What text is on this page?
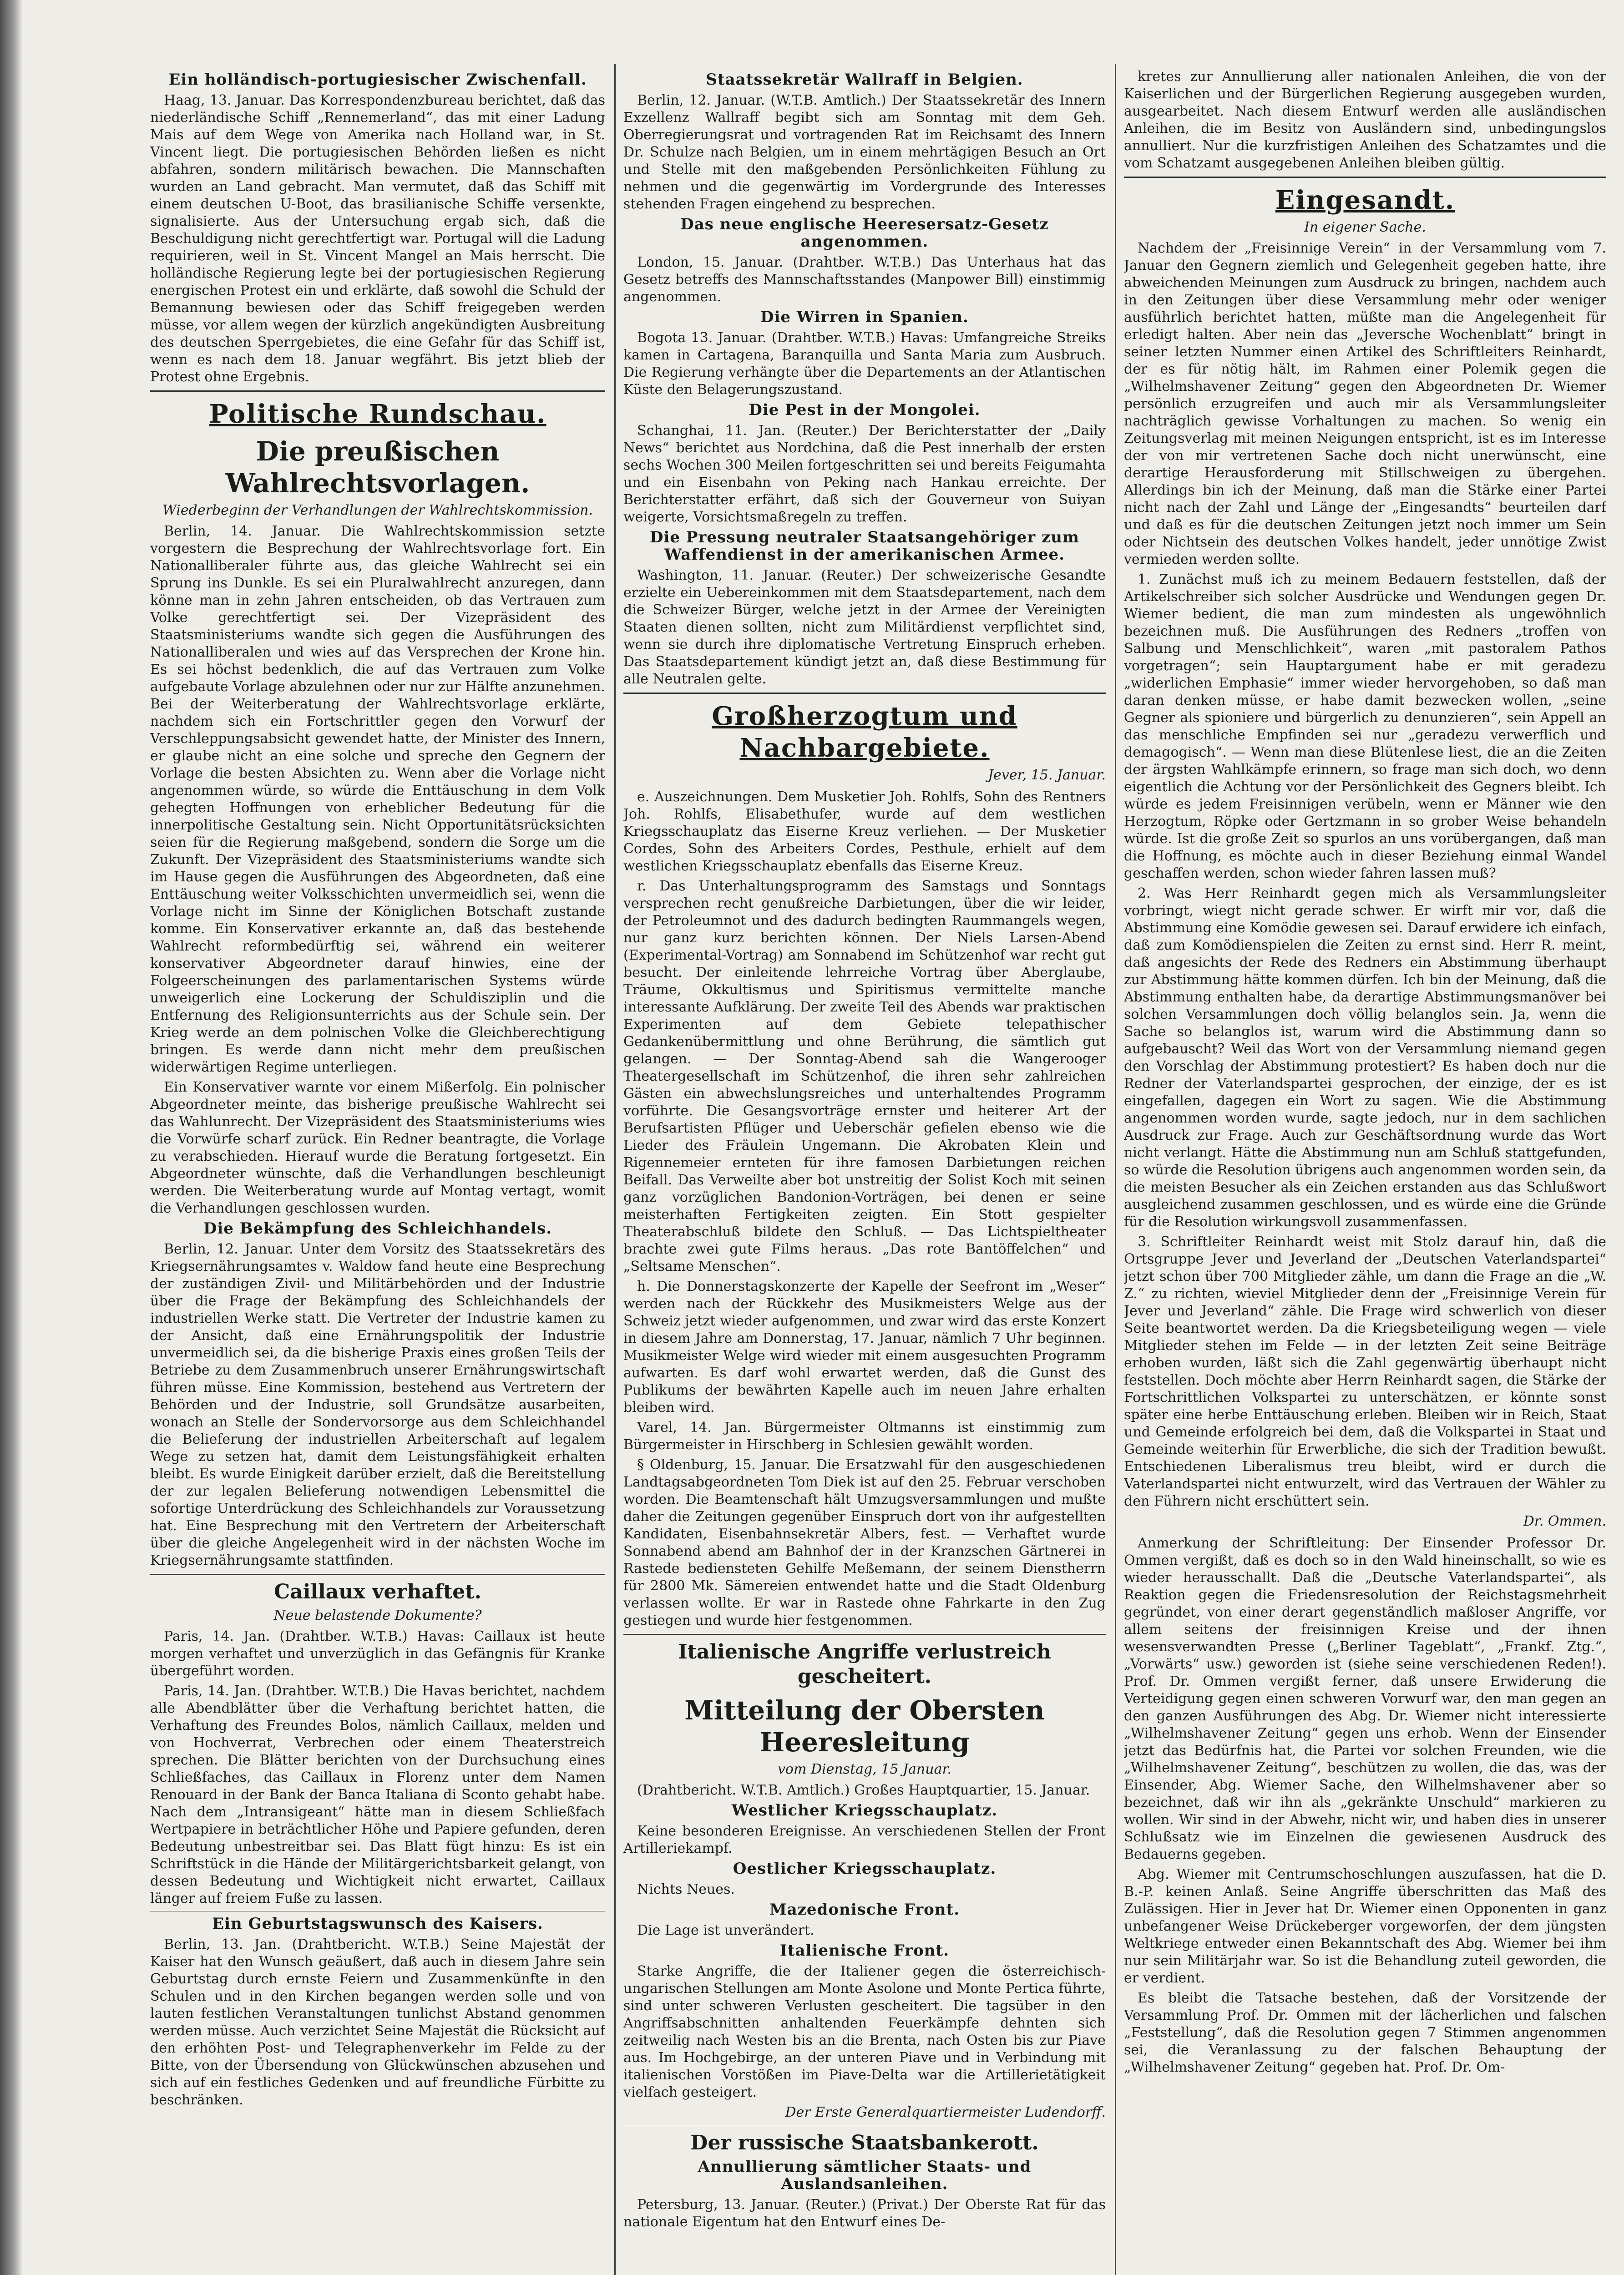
Ein holländisch-portugiesischer Zwischenfall.

Haag, 13. Januar. Das Korrespondenzbureau berichtet, daß das niederländische Schiff „Rennemerland“, das mit einer Ladung Mais auf dem Wege von Amerika nach Holland war, in St. Vincent liegt. Die portugiesischen Behörden ließen es nicht abfahren, sondern militärisch bewachen. Die Mannschaften wurden an Land gebracht. Man vermutet, daß das Schiff mit einem deutschen U-Boot, das brasilianische Schiffe versenkte, signalisierte. Aus der Untersuchung ergab sich, daß die Beschuldigung nicht gerechtfertigt war. Portugal will die Ladung requirieren, weil in St. Vincent Mangel an Mais herrscht. Die holländische Regierung legte bei der portugiesischen Regierung energischen Protest ein und erklärte, daß sowohl die Schuld der Bemannung bewiesen oder das Schiff freigegeben werden müsse, vor allem wegen der kürzlich angekündigten Ausbreitung des deutschen Sperrgebietes, die eine Gefahr für das Schiff ist, wenn es nach dem 18. Januar wegfährt. Bis jetzt blieb der Protest ohne Ergebnis.

Politische Rundschau.
Die preußischen Wahlrechtsvorlagen.
Wiederbeginn der Verhandlungen der Wahlrechtskommission.

Berlin, 14. Januar. Die Wahlrechtskommission setzte vorgestern die Besprechung der Wahlrechtsvorlage fort. Ein Nationalliberaler führte aus, das gleiche Wahlrecht sei ein Sprung ins Dunkle. Es sei ein Pluralwahlrecht anzuregen, dann könne man in zehn Jahren entscheiden, ob das Vertrauen zum Volke gerechtfertigt sei. Der Vizepräsident des Staatsministeriums wandte sich gegen die Ausführungen des Nationalliberalen und wies auf das Versprechen der Krone hin. Es sei höchst bedenklich, die auf das Vertrauen zum Volke aufgebaute Vorlage abzulehnen oder nur zur Hälfte anzunehmen. Bei der Weiterberatung der Wahlrechtsvorlage erklärte, nachdem sich ein Fortschrittler gegen den Vorwurf der Verschleppungsabsicht gewendet hatte, der Minister des Innern, er glaube nicht an eine solche und spreche den Gegnern der Vorlage die besten Absichten zu. Wenn aber die Vorlage nicht angenommen würde, so würde die Enttäuschung in dem Volk gehegten Hoffnungen von erheblicher Bedeutung für die innerpolitische Gestaltung sein. Nicht Opportunitätsrücksichten seien für die Regierung maßgebend, sondern die Sorge um die Zukunft. Der Vizepräsident des Staatsministeriums wandte sich im Hause gegen die Ausführungen des Abgeordneten, daß eine Enttäuschung weiter Volksschichten unvermeidlich sei, wenn die Vorlage nicht im Sinne der Königlichen Botschaft zustande komme. Ein Konservativer erkannte an, daß das bestehende Wahlrecht reformbedürftig sei, während ein weiterer konservativer Abgeordneter darauf hinwies, eine der Folgeerscheinungen des parlamentarischen Systems würde unweigerlich eine Lockerung der Schuldisziplin und die Entfernung des Religionsunterrichts aus der Schule sein. Der Krieg werde an dem polnischen Volke die Gleichberechtigung bringen. Es werde dann nicht mehr dem preußischen widerwärtigen Regime unterliegen.

Ein Konservativer warnte vor einem Mißerfolg. Ein polnischer Abgeordneter meinte, das bisherige preußische Wahlrecht sei das Wahlunrecht. Der Vizepräsident des Staatsministeriums wies die Vorwürfe scharf zurück. Ein Redner beantragte, die Vorlage zu verabschieden. Hierauf wurde die Beratung fortgesetzt. Ein Abgeordneter wünschte, daß die Verhandlungen beschleunigt werden. Die Weiterberatung wurde auf Montag vertagt, womit die Verhandlungen geschlossen wurden.

Die Bekämpfung des Schleichhandels.

Berlin, 12. Januar. Unter dem Vorsitz des Staatssekretärs des Kriegsernährungsamtes v. Waldow fand heute eine Besprechung der zuständigen Zivil- und Militärbehörden und der Industrie über die Frage der Bekämpfung des Schleichhandels der industriellen Werke statt. Die Vertreter der Industrie kamen zu der Ansicht, daß eine Ernährungspolitik der Industrie unvermeidlich sei, da die bisherige Praxis eines großen Teils der Betriebe zu dem Zusammenbruch unserer Ernährungswirtschaft führen müsse. Eine Kommission, bestehend aus Vertretern der Behörden und der Industrie, soll Grundsätze ausarbeiten, wonach an Stelle der Sondervorsorge aus dem Schleichhandel die Belieferung der industriellen Arbeiterschaft auf legalem Wege zu setzen hat, damit dem Leistungsfähigkeit erhalten bleibt. Es wurde Einigkeit darüber erzielt, daß die Bereitstellung der zur legalen Belieferung notwendigen Lebensmittel die sofortige Unterdrückung des Schleichhandels zur Voraussetzung hat. Eine Besprechung mit den Vertretern der Arbeiterschaft über die gleiche Angelegenheit wird in der nächsten Woche im Kriegsernährungsamte stattfinden.

Caillaux verhaftet.
Neue belastende Dokumente?

Paris, 14. Jan. (Drahtber. W.T.B.) Havas: Caillaux ist heute morgen verhaftet und unverzüglich in das Gefängnis für Kranke übergeführt worden.

Paris, 14. Jan. (Drahtber. W.T.B.) Die Havas berichtet, nachdem alle Abendblätter über die Verhaftung berichtet hatten, die Verhaftung des Freundes Bolos, nämlich Caillaux, melden und von Hochverrat, Verbrechen oder einem Theaterstreich sprechen. Die Blätter berichten von der Durchsuchung eines Schließfaches, das Caillaux in Florenz unter dem Namen Renouard in der Bank der Banca Italiana di Sconto gehabt habe. Nach dem „Intransigeant“ hätte man in diesem Schließfach Wertpapiere in beträchtlicher Höhe und Papiere gefunden, deren Bedeutung unbestreitbar sei. Das Blatt fügt hinzu: Es ist ein Schriftstück in die Hände der Militärgerichtsbarkeit gelangt, von dessen Bedeutung und Wichtigkeit nicht erwartet, Caillaux länger auf freiem Fuße zu lassen.

Ein Geburtstagswunsch des Kaisers.

Berlin, 13. Jan. (Drahtbericht. W.T.B.) Seine Majestät der Kaiser hat den Wunsch geäußert, daß auch in diesem Jahre sein Geburtstag durch ernste Feiern und Zusammenkünfte in den Schulen und in den Kirchen begangen werden solle und von lauten festlichen Veranstaltungen tunlichst Abstand genommen werden müsse. Auch verzichtet Seine Majestät die Rücksicht auf den erhöhten Post- und Telegraphenverkehr im Felde zu der Bitte, von der Übersendung von Glückwünschen abzusehen und sich auf ein festliches Gedenken und auf freundliche Fürbitte zu beschränken.

Staatssekretär Wallraff in Belgien.

Berlin, 12. Januar. (W.T.B. Amtlich.) Der Staatssekretär des Innern Exzellenz Wallraff begibt sich am Sonntag mit dem Geh. Oberregierungsrat und vortragenden Rat im Reichsamt des Innern Dr. Schulze nach Belgien, um in einem mehrtägigen Besuch an Ort und Stelle mit den maßgebenden Persönlichkeiten Fühlung zu nehmen und die gegenwärtig im Vordergrunde des Interesses stehenden Fragen eingehend zu besprechen.

Das neue englische Heeresersatz-Gesetz angenommen.

London, 15. Januar. (Drahtber. W.T.B.) Das Unterhaus hat das Gesetz betreffs des Mannschaftsstandes (Manpower Bill) einstimmig angenommen.

Die Wirren in Spanien.

Bogota 13. Januar. (Drahtber. W.T.B.) Havas: Umfangreiche Streiks kamen in Cartagena, Baranquilla und Santa Maria zum Ausbruch. Die Regierung verhängte über die Departements an der Atlantischen Küste den Belagerungszustand.

Die Pest in der Mongolei.

Schanghai, 11. Jan. (Reuter.) Der Berichterstatter der „Daily News“ berichtet aus Nordchina, daß die Pest innerhalb der ersten sechs Wochen 300 Meilen fortgeschritten sei und bereits Feigumahta und ein Eisenbahn von Peking nach Hankau erreichte. Der Berichterstatter erfährt, daß sich der Gouverneur von Suiyan weigerte, Vorsichtsmaßregeln zu treffen.

Die Pressung neutraler Staatsangehöriger zum Waffendienst in der amerikanischen Armee.

Washington, 11. Januar. (Reuter.) Der schweizerische Gesandte erzielte ein Uebereinkommen mit dem Staatsdepartement, nach dem die Schweizer Bürger, welche jetzt in der Armee der Vereinigten Staaten dienen sollten, nicht zum Militärdienst verpflichtet sind, wenn sie durch ihre diplomatische Vertretung Einspruch erheben. Das Staatsdepartement kündigt jetzt an, daß diese Bestimmung für alle Neutralen gelte.

Großherzogtum und Nachbargebiete.
Jever, 15. Januar.

e. Auszeichnungen. Dem Musketier Joh. Rohlfs, Sohn des Rentners Joh. Rohlfs, Elisabethufer, wurde auf dem westlichen Kriegsschauplatz das Eiserne Kreuz verliehen. — Der Musketier Cordes, Sohn des Arbeiters Cordes, Pesthule, erhielt auf dem westlichen Kriegsschauplatz ebenfalls das Eiserne Kreuz.

r. Das Unterhaltungsprogramm des Samstags und Sonntags versprechen recht genußreiche Darbietungen, über die wir leider, der Petroleumnot und des dadurch bedingten Raummangels wegen, nur ganz kurz berichten können. Der Niels Larsen-Abend (Experimental-Vortrag) am Sonnabend im Schützenhof war recht gut besucht. Der einleitende lehrreiche Vortrag über Aberglaube, Träume, Okkultismus und Spiritismus vermittelte manche interessante Aufklärung. Der zweite Teil des Abends war praktischen Experimenten auf dem Gebiete telepathischer Gedankenübermittlung und ohne Berührung, die sämtlich gut gelangen. — Der Sonntag-Abend sah die Wangerooger Theatergesellschaft im Schützenhof, die ihren sehr zahlreichen Gästen ein abwechslungsreiches und unterhaltendes Programm vorführte. Die Gesangsvorträge ernster und heiterer Art der Berufsartisten Pflüger und Ueberschär gefielen ebenso wie die Lieder des Fräulein Ungemann. Die Akrobaten Klein und Rigennemeier ernteten für ihre famosen Darbietungen reichen Beifall. Das Verweilte aber bot unstreitig der Solist Koch mit seinen ganz vorzüglichen Bandonion-Vorträgen, bei denen er seine meisterhaften Fertigkeiten zeigten. Ein Stott gespielter Theaterabschluß bildete den Schluß. — Das Lichtspieltheater brachte zwei gute Films heraus. „Das rote Bantöffelchen“ und „Seltsame Menschen“.

h. Die Donnerstagskonzerte der Kapelle der Seefront im „Weser“ werden nach der Rückkehr des Musikmeisters Welge aus der Schweiz jetzt wieder aufgenommen, und zwar wird das erste Konzert in diesem Jahre am Donnerstag, 17. Januar, nämlich 7 Uhr beginnen. Musikmeister Welge wird wieder mit einem ausgesuchten Programm aufwarten. Es darf wohl erwartet werden, daß die Gunst des Publikums der bewährten Kapelle auch im neuen Jahre erhalten bleiben wird.

Varel, 14. Jan. Bürgermeister Oltmanns ist einstimmig zum Bürgermeister in Hirschberg in Schlesien gewählt worden.

§ Oldenburg, 15. Januar. Die Ersatzwahl für den ausgeschiedenen Landtagsabgeordneten Tom Diek ist auf den 25. Februar verschoben worden. Die Beamtenschaft hält Umzugsversammlungen und mußte daher die Zeitungen gegenüber Einspruch dort von ihr aufgestellten Kandidaten, Eisenbahnsekretär Albers, fest. — Verhaftet wurde Sonnabend abend am Bahnhof der in der Kranzschen Gärtnerei in Rastede bediensteten Gehilfe Meßemann, der seinem Dienstherrn für 2800 Mk. Sämereien entwendet hatte und die Stadt Oldenburg verlassen wollte. Er war in Rastede ohne Fahrkarte in den Zug gestiegen und wurde hier festgenommen.

Italienische Angriffe verlustreich gescheitert.
Mitteilung der Obersten Heeresleitung
vom Dienstag, 15 Januar.

(Drahtbericht. W.T.B. Amtlich.) Großes Hauptquartier, 15. Januar.

Westlicher Kriegsschauplatz.

Keine besonderen Ereignisse. An verschiedenen Stellen der Front Artilleriekampf.

Oestlicher Kriegsschauplatz.

Nichts Neues.

Mazedonische Front.

Die Lage ist unverändert.

Italienische Front.

Starke Angriffe, die der Italiener gegen die österreichisch-ungarischen Stellungen am Monte Asolone und Monte Pertica führte, sind unter schweren Verlusten gescheitert. Die tagsüber in den Angriffsabschnitten anhaltenden Feuerkämpfe dehnten sich zeitweilig nach Westen bis an die Brenta, nach Osten bis zur Piave aus. Im Hochgebirge, an der unteren Piave und in Verbindung mit italienischen Vorstößen im Piave-Delta war die Artillerietätigkeit vielfach gesteigert.

Der Erste Generalquartiermeister Ludendorff.
Der russische Staatsbankerott.
Annullierung sämtlicher Staats- und Auslandsanleihen.

Petersburg, 13. Januar. (Reuter.) (Privat.) Der Oberste Rat für das nationale Eigentum hat den Entwurf eines De-

kretes zur Annullierung aller nationalen Anleihen, die von der Kaiserlichen und der Bürgerlichen Regierung ausgegeben wurden, ausgearbeitet. Nach diesem Entwurf werden alle ausländischen Anleihen, die im Besitz von Ausländern sind, unbedingungslos annulliert. Nur die kurzfristigen Anleihen des Schatzamtes und die vom Schatzamt ausgegebenen Anleihen bleiben gültig.

Eingesandt.
In eigener Sache.

Nachdem der „Freisinnige Verein“ in der Versammlung vom 7. Januar den Gegnern ziemlich und Gelegenheit gegeben hatte, ihre abweichenden Meinungen zum Ausdruck zu bringen, nachdem auch in den Zeitungen über diese Versammlung mehr oder weniger ausführlich berichtet hatten, müßte man die Angelegenheit für erledigt halten. Aber nein das „Jeversche Wochenblatt“ bringt in seiner letzten Nummer einen Artikel des Schriftleiters Reinhardt, der es für nötig hält, im Rahmen einer Polemik gegen die „Wilhelmshavener Zeitung“ gegen den Abgeordneten Dr. Wiemer persönlich erzugreifen und auch mir als Versammlungsleiter nachträglich gewisse Vorhaltungen zu machen. So wenig ein Zeitungsverlag mit meinen Neigungen entspricht, ist es im Interesse der von mir vertretenen Sache doch nicht unerwünscht, eine derartige Herausforderung mit Stillschweigen zu übergehen. Allerdings bin ich der Meinung, daß man die Stärke einer Partei nicht nach der Zahl und Länge der „Eingesandts“ beurteilen darf und daß es für die deutschen Zeitungen jetzt noch immer um Sein oder Nichtsein des deutschen Volkes handelt, jeder unnötige Zwist vermieden werden sollte.

1. Zunächst muß ich zu meinem Bedauern feststellen, daß der Artikelschreiber sich solcher Ausdrücke und Wendungen gegen Dr. Wiemer bedient, die man zum mindesten als ungewöhnlich bezeichnen muß. Die Ausführungen des Redners „troffen von Salbung und Menschlichkeit“, waren „mit pastoralem Pathos vorgetragen“; sein Hauptargument habe er mit geradezu „widerlichen Emphasie“ immer wieder hervorgehoben, so daß man daran denken müsse, er habe damit bezwecken wollen, „seine Gegner als spioniere und bürgerlich zu denunzieren“, sein Appell an das menschliche Empfinden sei nur „geradezu verwerflich und demagogisch“. — Wenn man diese Blütenlese liest, die an die Zeiten der ärgsten Wahlkämpfe erinnern, so frage man sich doch, wo denn eigentlich die Achtung vor der Persönlichkeit des Gegners bleibt. Ich würde es jedem Freisinnigen verübeln, wenn er Männer wie den Herzogtum, Röpke oder Gertzmann in so grober Weise behandeln würde. Ist die große Zeit so spurlos an uns vorübergangen, daß man die Hoffnung, es möchte auch in dieser Beziehung einmal Wandel geschaffen werden, schon wieder fahren lassen muß?

2. Was Herr Reinhardt gegen mich als Versammlungsleiter vorbringt, wiegt nicht gerade schwer. Er wirft mir vor, daß die Abstimmung eine Komödie gewesen sei. Darauf erwidere ich einfach, daß zum Komödienspielen die Zeiten zu ernst sind. Herr R. meint, daß angesichts der Rede des Redners ein Abstimmung überhaupt zur Abstimmung hätte kommen dürfen. Ich bin der Meinung, daß die Abstimmung enthalten habe, da derartige Abstimmungsmanöver bei solchen Versammlungen doch völlig belanglos sein. Ja, wenn die Sache so belanglos ist, warum wird die Abstimmung dann so aufgebauscht? Weil das Wort von der Versammlung niemand gegen den Vorschlag der Abstimmung protestiert? Es haben doch nur die Redner der Vaterlandspartei gesprochen, der einzige, der es ist eingefallen, dagegen ein Wort zu sagen. Wie die Abstimmung angenommen worden wurde, sagte jedoch, nur in dem sachlichen Ausdruck zur Frage. Auch zur Geschäftsordnung wurde das Wort nicht verlangt. Hätte die Abstimmung nun am Schluß stattgefunden, so würde die Resolution übrigens auch angenommen worden sein, da die meisten Besucher als ein Zeichen erstanden aus das Schlußwort ausgleichend zusammen geschlossen, und es würde eine die Gründe für die Resolution wirkungsvoll zusammenfassen.

3. Schriftleiter Reinhardt weist mit Stolz darauf hin, daß die Ortsgruppe Jever und Jeverland der „Deutschen Vaterlandspartei“ jetzt schon über 700 Mitglieder zähle, um dann die Frage an die „W. Z.“ zu richten, wieviel Mitglieder denn der „Freisinnige Verein für Jever und Jeverland“ zähle. Die Frage wird schwerlich von dieser Seite beantwortet werden. Da die Kriegsbeteiligung wegen — viele Mitglieder stehen im Felde — in der letzten Zeit seine Beiträge erhoben wurden, läßt sich die Zahl gegenwärtig überhaupt nicht feststellen. Doch möchte aber Herrn Reinhardt sagen, die Stärke der Fortschrittlichen Volkspartei zu unterschätzen, er könnte sonst später eine herbe Enttäuschung erleben. Bleiben wir in Reich, Staat und Gemeinde erfolgreich bei dem, daß die Volkspartei in Staat und Gemeinde weiterhin für Erwerbliche, die sich der Tradition bewußt. Entschiedenen Liberalismus treu bleibt, wird er durch die Vaterlandspartei nicht entwurzelt, wird das Vertrauen der Wähler zu den Führern nicht erschüttert sein.

Dr. Ommen.

Anmerkung der Schriftleitung: Der Einsender Professor Dr. Ommen vergißt, daß es doch so in den Wald hineinschallt, so wie es wieder herausschallt. Daß die „Deutsche Vaterlandspartei“, als Reaktion gegen die Friedensresolution der Reichstagsmehrheit gegründet, von einer derart gegenständlich maßloser Angriffe, vor allem seitens der freisinnigen Kreise und der ihnen wesensverwandten Presse („Berliner Tageblatt“, „Frankf. Ztg.“, „Vorwärts“ usw.) geworden ist (siehe seine verschiedenen Reden!). Prof. Dr. Ommen vergißt ferner, daß unsere Erwiderung die Verteidigung gegen einen schweren Vorwurf war, den man gegen an den ganzen Ausführungen des Abg. Dr. Wiemer nicht interessierte „Wilhelmshavener Zeitung“ gegen uns erhob. Wenn der Einsender jetzt das Bedürfnis hat, die Partei vor solchen Freunden, wie die „Wilhelmshavener Zeitung“, beschützen zu wollen, die das, was der Einsender, Abg. Wiemer Sache, den Wilhelmshavener aber so bezeichnet, daß wir ihn als „gekränkte Unschuld“ markieren zu wollen. Wir sind in der Abwehr, nicht wir, und haben dies in unserer Schlußsatz wie im Einzelnen die gewiesenen Ausdruck des Bedauerns gegeben.

Abg. Wiemer mit Centrumschoschlungen auszufassen, hat die D. B.-P. keinen Anlaß. Seine Angriffe überschritten das Maß des Zulässigen. Hier in Jever hat Dr. Wiemer einen Opponenten in ganz unbefangener Weise Drückeberger vorgeworfen, der dem jüngsten Weltkriege entweder einen Bekanntschaft des Abg. Wiemer bei ihm nur sein Militärjahr war. So ist die Behandlung zuteil geworden, die er verdient.

Es bleibt die Tatsache bestehen, daß der Vorsitzende der Versammlung Prof. Dr. Ommen mit der lächerlichen und falschen „Feststellung“, daß die Resolution gegen 7 Stimmen angenommen sei, die Veranlassung zu der falschen Behauptung der „Wilhelmshavener Zeitung“ gegeben hat. Prof. Dr. Om-
